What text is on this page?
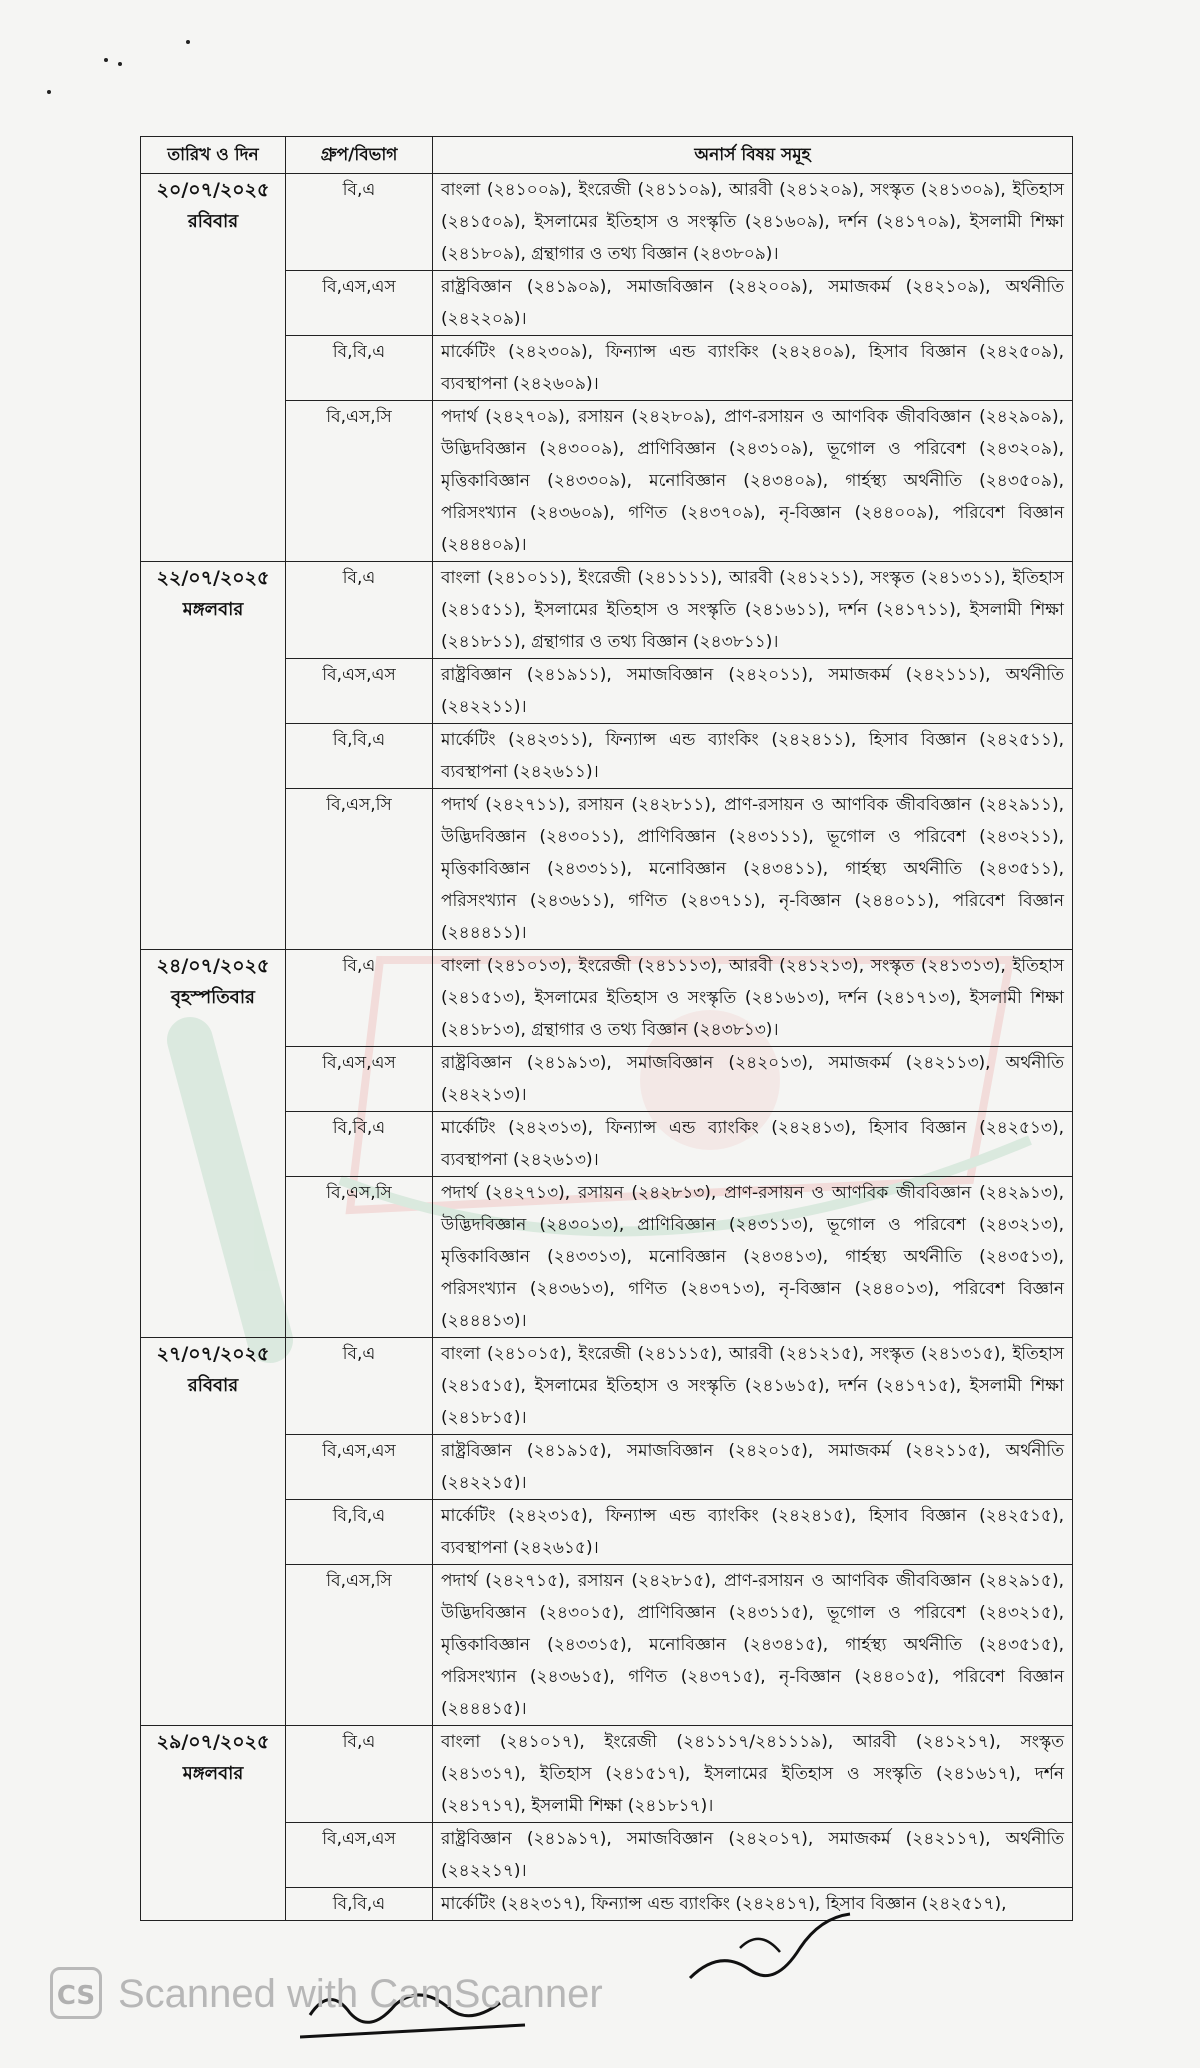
তারিখ ও দিন	গ্রুপ/বিভাগ	অনার্স বিষয় সমূহ

২০/০৭/২০২৫
রবিবার	বি,এ	বাংলা (২৪১০০৯), ইংরেজী (২৪১১০৯), আরবী (২৪১২০৯), সংস্কৃত (২৪১৩০৯), ইতিহাস (২৪১৫০৯), ইসলামের ইতিহাস ও সংস্কৃতি (২৪১৬০৯), দর্শন (২৪১৭০৯), ইসলামী শিক্ষা (২৪১৮০৯), গ্রন্থাগার ও তথ্য বিজ্ঞান (২৪৩৮০৯)।
	বি,এস,এস	রাষ্ট্রবিজ্ঞান (২৪১৯০৯), সমাজবিজ্ঞান (২৪২০০৯), সমাজকর্ম (২৪২১০৯), অর্থনীতি (২৪২২০৯)।
	বি,বি,এ	মার্কেটিং (২৪২৩০৯), ফিন্যান্স এন্ড ব্যাংকিং (২৪২৪০৯), হিসাব বিজ্ঞান (২৪২৫০৯), ব্যবস্থাপনা (২৪২৬০৯)।
	বি,এস,সি	পদার্থ (২৪২৭০৯), রসায়ন (২৪২৮০৯), প্রাণ-রসায়ন ও আণবিক জীববিজ্ঞান (২৪২৯০৯), উদ্ভিদবিজ্ঞান (২৪৩০০৯), প্রাণিবিজ্ঞান (২৪৩১০৯), ভূগোল ও পরিবেশ (২৪৩২০৯), মৃত্তিকাবিজ্ঞান (২৪৩৩০৯), মনোবিজ্ঞান (২৪৩৪০৯), গার্হস্থ্য অর্থনীতি (২৪৩৫০৯), পরিসংখ্যান (২৪৩৬০৯), গণিত (২৪৩৭০৯), নৃ-বিজ্ঞান (২৪৪০০৯), পরিবেশ বিজ্ঞান (২৪৪৪০৯)।

২২/০৭/২০২৫
মঙ্গলবার	বি,এ	বাংলা (২৪১০১১), ইংরেজী (২৪১১১১), আরবী (২৪১২১১), সংস্কৃত (২৪১৩১১), ইতিহাস (২৪১৫১১), ইসলামের ইতিহাস ও সংস্কৃতি (২৪১৬১১), দর্শন (২৪১৭১১), ইসলামী শিক্ষা (২৪১৮১১), গ্রন্থাগার ও তথ্য বিজ্ঞান (২৪৩৮১১)।
	বি,এস,এস	রাষ্ট্রবিজ্ঞান (২৪১৯১১), সমাজবিজ্ঞান (২৪২০১১), সমাজকর্ম (২৪২১১১), অর্থনীতি (২৪২২১১)।
	বি,বি,এ	মার্কেটিং (২৪২৩১১), ফিন্যান্স এন্ড ব্যাংকিং (২৪২৪১১), হিসাব বিজ্ঞান (২৪২৫১১), ব্যবস্থাপনা (২৪২৬১১)।
	বি,এস,সি	পদার্থ (২৪২৭১১), রসায়ন (২৪২৮১১), প্রাণ-রসায়ন ও আণবিক জীববিজ্ঞান (২৪২৯১১), উদ্ভিদবিজ্ঞান (২৪৩০১১), প্রাণিবিজ্ঞান (২৪৩১১১), ভূগোল ও পরিবেশ (২৪৩২১১), মৃত্তিকাবিজ্ঞান (২৪৩৩১১), মনোবিজ্ঞান (২৪৩৪১১), গার্হস্থ্য অর্থনীতি (২৪৩৫১১), পরিসংখ্যান (২৪৩৬১১), গণিত (২৪৩৭১১), নৃ-বিজ্ঞান (২৪৪০১১), পরিবেশ বিজ্ঞান (২৪৪৪১১)।

২৪/০৭/২০২৫
বৃহস্পতিবার	বি,এ	বাংলা (২৪১০১৩), ইংরেজী (২৪১১১৩), আরবী (২৪১২১৩), সংস্কৃত (২৪১৩১৩), ইতিহাস (২৪১৫১৩), ইসলামের ইতিহাস ও সংস্কৃতি (২৪১৬১৩), দর্শন (২৪১৭১৩), ইসলামী শিক্ষা (২৪১৮১৩), গ্রন্থাগার ও তথ্য বিজ্ঞান (২৪৩৮১৩)।
	বি,এস,এস	রাষ্ট্রবিজ্ঞান (২৪১৯১৩), সমাজবিজ্ঞান (২৪২০১৩), সমাজকর্ম (২৪২১১৩), অর্থনীতি (২৪২২১৩)।
	বি,বি,এ	মার্কেটিং (২৪২৩১৩), ফিন্যান্স এন্ড ব্যাংকিং (২৪২৪১৩), হিসাব বিজ্ঞান (২৪২৫১৩), ব্যবস্থাপনা (২৪২৬১৩)।
	বি,এস,সি	পদার্থ (২৪২৭১৩), রসায়ন (২৪২৮১৩), প্রাণ-রসায়ন ও আণবিক জীববিজ্ঞান (২৪২৯১৩), উদ্ভিদবিজ্ঞান (২৪৩০১৩), প্রাণিবিজ্ঞান (২৪৩১১৩), ভূগোল ও পরিবেশ (২৪৩২১৩), মৃত্তিকাবিজ্ঞান (২৪৩৩১৩), মনোবিজ্ঞান (২৪৩৪১৩), গার্হস্থ্য অর্থনীতি (২৪৩৫১৩), পরিসংখ্যান (২৪৩৬১৩), গণিত (২৪৩৭১৩), নৃ-বিজ্ঞান (২৪৪০১৩), পরিবেশ বিজ্ঞান (২৪৪৪১৩)।

২৭/০৭/২০২৫
রবিবার	বি,এ	বাংলা (২৪১০১৫), ইংরেজী (২৪১১১৫), আরবী (২৪১২১৫), সংস্কৃত (২৪১৩১৫), ইতিহাস (২৪১৫১৫), ইসলামের ইতিহাস ও সংস্কৃতি (২৪১৬১৫), দর্শন (২৪১৭১৫), ইসলামী শিক্ষা (২৪১৮১৫)।
	বি,এস,এস	রাষ্ট্রবিজ্ঞান (২৪১৯১৫), সমাজবিজ্ঞান (২৪২০১৫), সমাজকর্ম (২৪২১১৫), অর্থনীতি (২৪২২১৫)।
	বি,বি,এ	মার্কেটিং (২৪২৩১৫), ফিন্যান্স এন্ড ব্যাংকিং (২৪২৪১৫), হিসাব বিজ্ঞান (২৪২৫১৫), ব্যবস্থাপনা (২৪২৬১৫)।
	বি,এস,সি	পদার্থ (২৪২৭১৫), রসায়ন (২৪২৮১৫), প্রাণ-রসায়ন ও আণবিক জীববিজ্ঞান (২৪২৯১৫), উদ্ভিদবিজ্ঞান (২৪৩০১৫), প্রাণিবিজ্ঞান (২৪৩১১৫), ভূগোল ও পরিবেশ (২৪৩২১৫), মৃত্তিকাবিজ্ঞান (২৪৩৩১৫), মনোবিজ্ঞান (২৪৩৪১৫), গার্হস্থ্য অর্থনীতি (২৪৩৫১৫), পরিসংখ্যান (২৪৩৬১৫), গণিত (২৪৩৭১৫), নৃ-বিজ্ঞান (২৪৪০১৫), পরিবেশ বিজ্ঞান (২৪৪৪১৫)।

২৯/০৭/২০২৫
মঙ্গলবার	বি,এ	বাংলা (২৪১০১৭), ইংরেজী (২৪১১১৭/২৪১১১৯), আরবী (২৪১২১৭), সংস্কৃত (২৪১৩১৭), ইতিহাস (২৪১৫১৭), ইসলামের ইতিহাস ও সংস্কৃতি (২৪১৬১৭), দর্শন (২৪১৭১৭), ইসলামী শিক্ষা (২৪১৮১৭)।
	বি,এস,এস	রাষ্ট্রবিজ্ঞান (২৪১৯১৭), সমাজবিজ্ঞান (২৪২০১৭), সমাজকর্ম (২৪২১১৭), অর্থনীতি (২৪২২১৭)।
	বি,বি,এ	মার্কেটিং (২৪২৩১৭), ফিন্যান্স এন্ড ব্যাংকিং (২৪২৪১৭), হিসাব বিজ্ঞান (২৪২৫১৭),
CS Scanned with CamScanner
